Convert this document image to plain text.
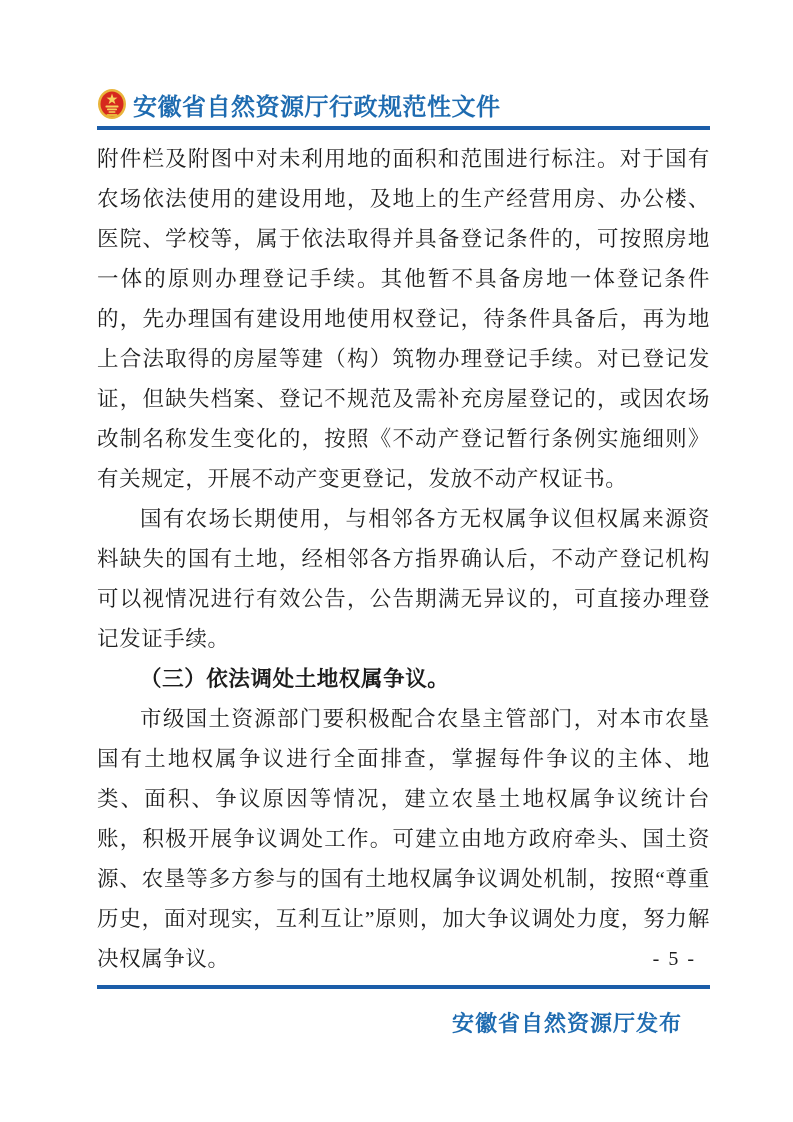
安徽省自然资源厅行政规范性文件

附件栏及附图中对未利用地的面积和范围进行标注。对于国有农场依法使用的建设用地，及地上的生产经营用房、办公楼、医院、学校等，属于依法取得并具备登记条件的，可按照房地一体的原则办理登记手续。其他暂不具备房地一体登记条件的，先办理国有建设用地使用权登记，待条件具备后，再为地上合法取得的房屋等建（构）筑物办理登记手续。对已登记发证，但缺失档案、登记不规范及需补充房屋登记的，或因农场改制名称发生变化的，按照《不动产登记暂行条例实施细则》有关规定，开展不动产变更登记，发放不动产权证书。

国有农场长期使用，与相邻各方无权属争议但权属来源资料缺失的国有土地，经相邻各方指界确认后，不动产登记机构可以视情况进行有效公告，公告期满无异议的，可直接办理登记发证手续。

（三）依法调处土地权属争议。

市级国土资源部门要积极配合农垦主管部门，对本市农垦国有土地权属争议进行全面排查，掌握每件争议的主体、地类、面积、争议原因等情况，建立农垦土地权属争议统计台账，积极开展争议调处工作。可建立由地方政府牵头、国土资源、农垦等多方参与的国有土地权属争议调处机制，按照“尊重历史，面对现实，互利互让”原则，加大争议调处力度，努力解决权属争议。	- 5 -
安徽省自然资源厅发布
